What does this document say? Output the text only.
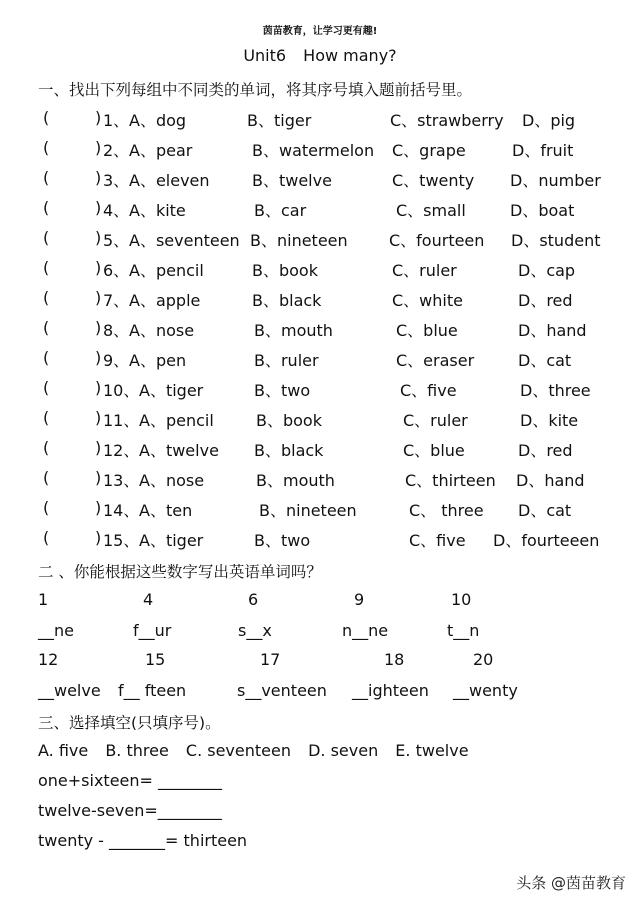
茵苗教育，让学习更有趣!
Unit6 How many?
一、找出下列每组中不同类的单词，将其序号填入题前括号里。
(	) 1、 A、dog	B、tiger	C、strawberry D、pig
(	) 2、 A、pear	B、watermelon C、grape	D、fruit
(	) 3、 A、eleven	B、twelve	C、twenty D、number
(	) 4、 A、kite	B、car	C、small	D、boat
(	) 5、 A、seventeen B、nineteen	C、fourteen D、student
(	) 6、 A、pencil	B、book	C、ruler	D、cap
(	) 7、 A、apple	B、black	C、white	D、red
(	) 8、 A、nose	B、mouth	C、blue	D、hand
(	) 9、 A、pen	B、ruler	C、eraser	D、cat
(	) 10、 A、tiger	B、two	C、five	D、three
(	) 11、 A、pencil	B、book	C、ruler	D、kite
(	) 12、 A、twelve B、black	C、blue	D、red
(	) 13、 A、nose	B、mouth	C、thirteen D、hand
(	) 14、 A、ten	B、nineteen	C、 three D、cat
(	) 15、 A、tiger	B、two	C、five D、fourteeen
二 、你能根据这些数字写出英语单词吗？
1	4	6	9	10
__ne	f__ur	s__x	n__ne	t__n
12	15	17	18	20
__welve f__ fteen	s__venteen __ighteen __wenty
三、选择填空(只填序号)。
A. five B. three C. seventeen D. seven E. twelve
one+sixteen= ________
twelve-seven=________
twenty - _______= thirteen
头条 @茵苗教育
